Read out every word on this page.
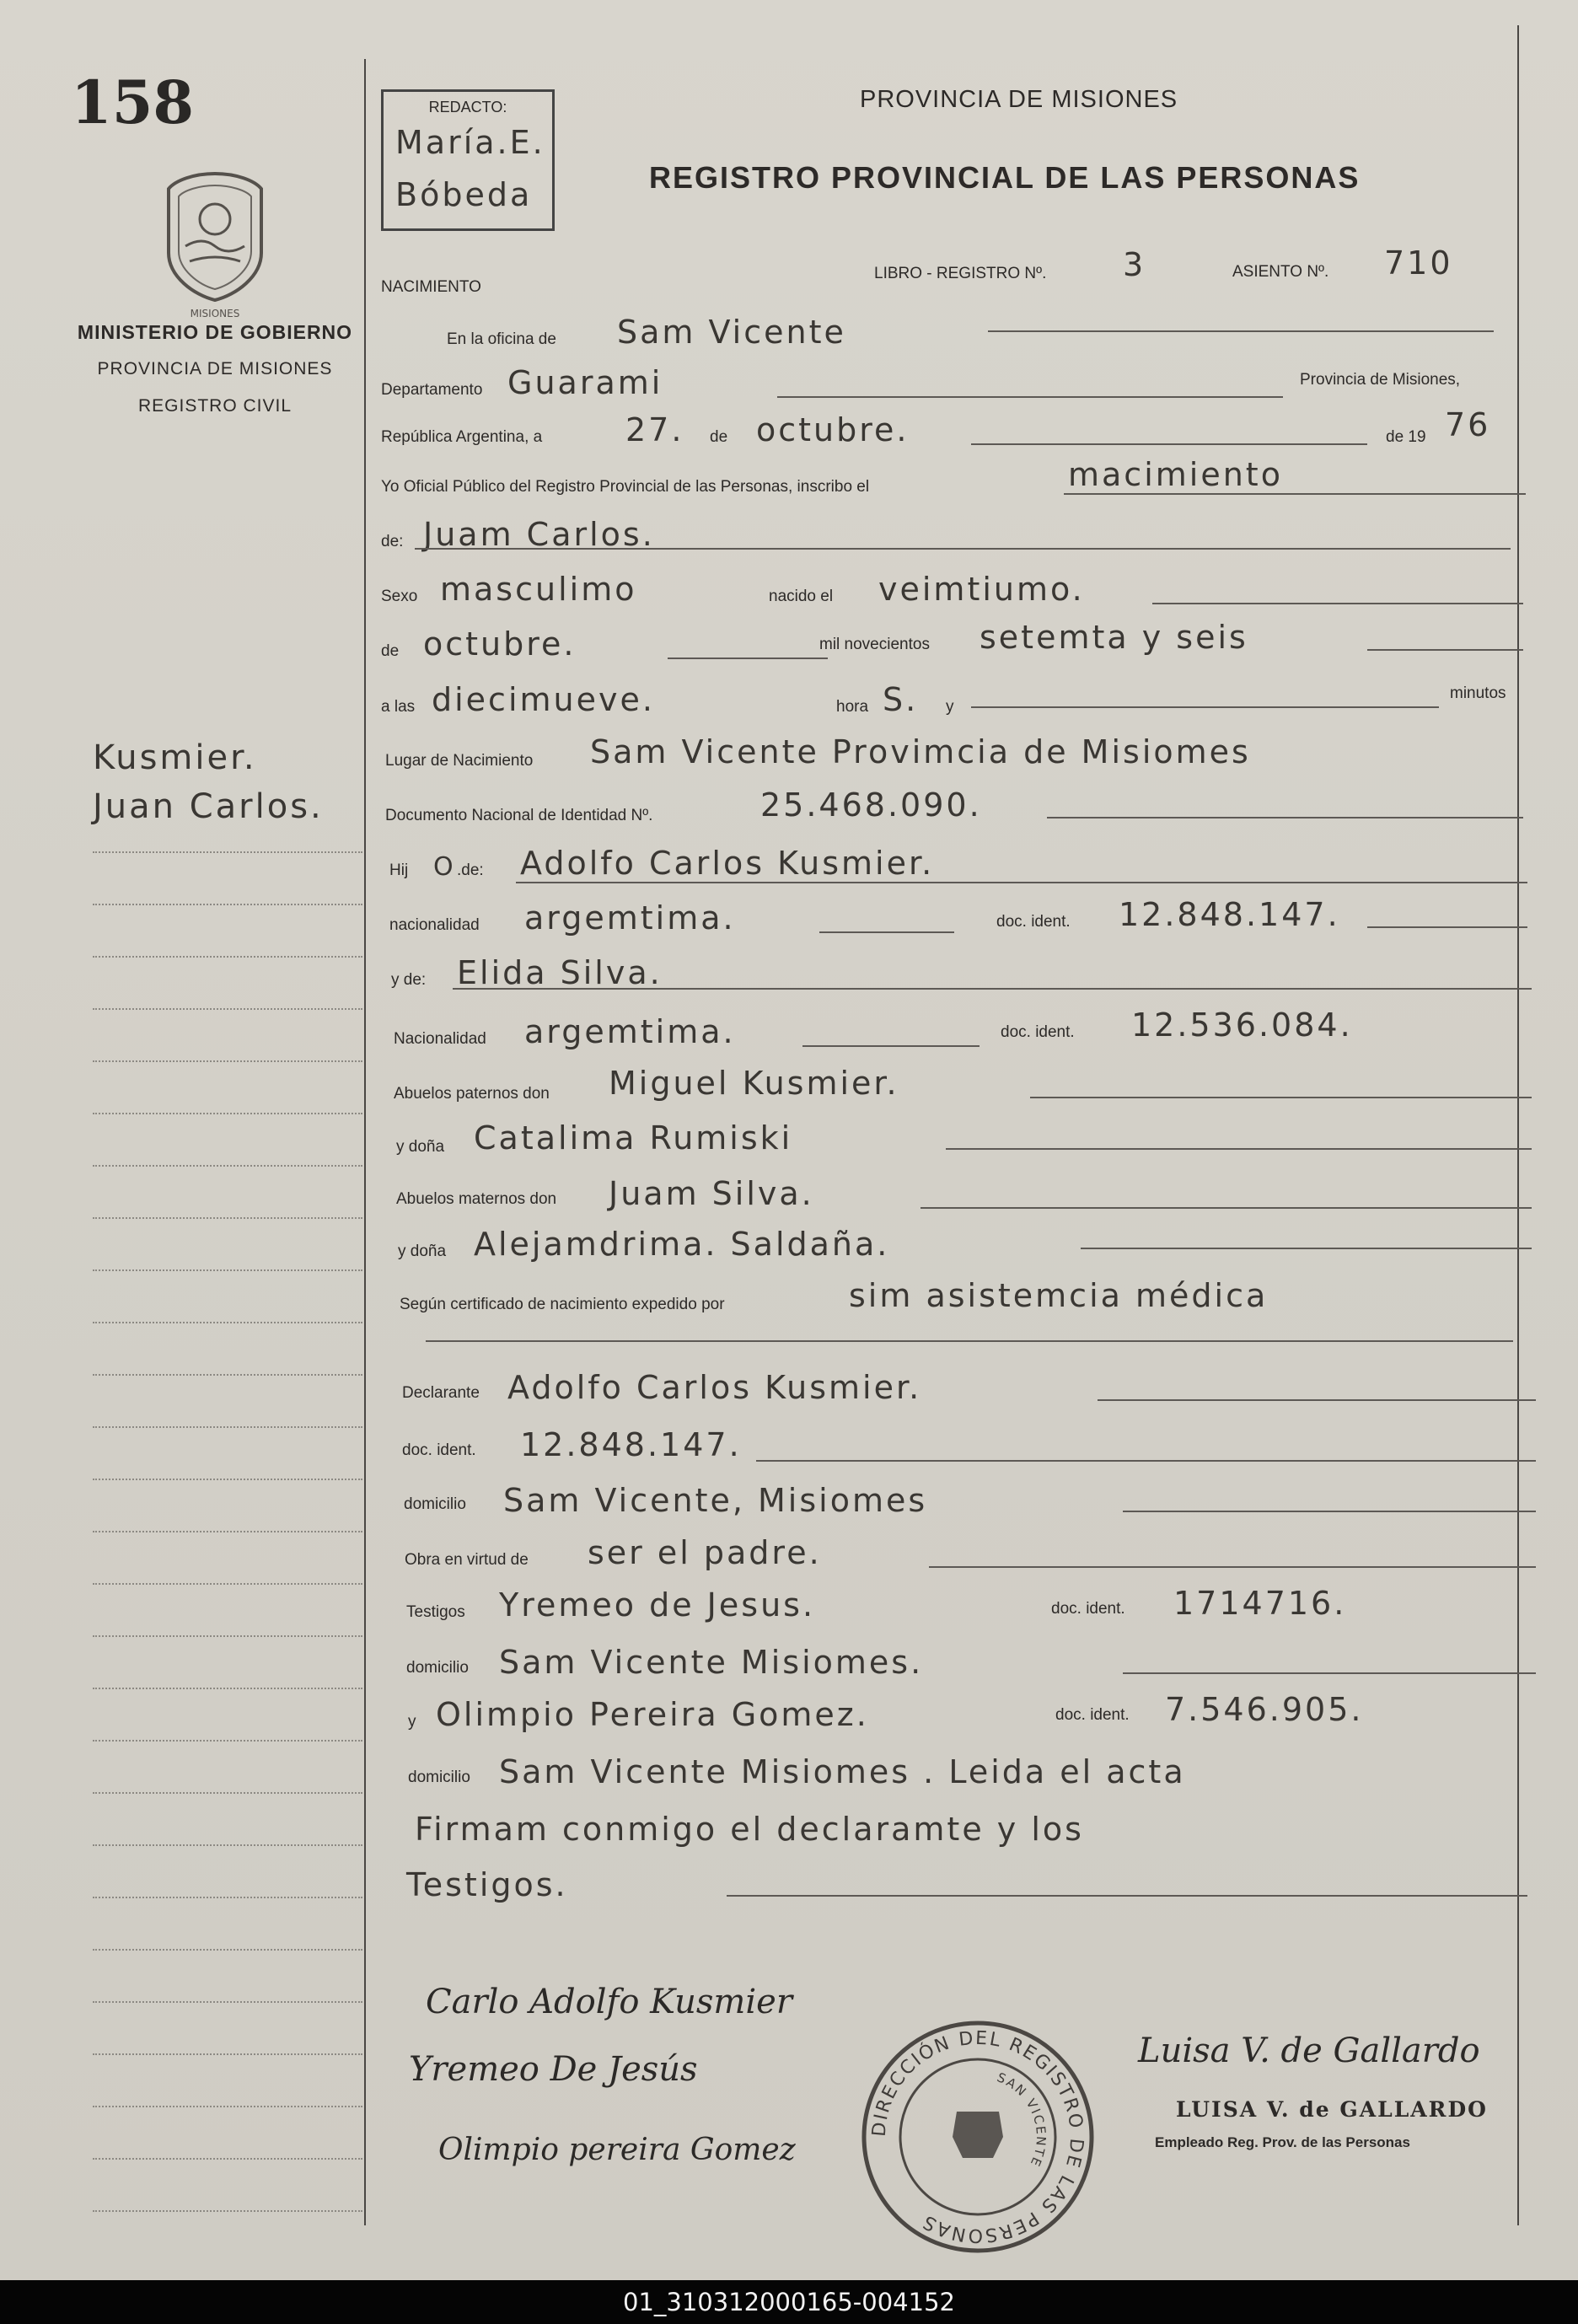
158
MISIONES
MINISTERIO DE GOBIERNO
PROVINCIA DE MISIONES
REGISTRO CIVIL
Kusmier.
Juan Carlos.
REDACTO:
María.E.
Bóbeda
PROVINCIA DE MISIONES
REGISTRO PROVINCIAL DE LAS PERSONAS
NACIMIENTO
LIBRO - REGISTRO Nº. 3	ASIENTO Nº. 710
En la oficina de Sam Vicente
Departamento Guarami	Provincia de Misiones,
República Argentina, a	27. de octubre.	de 19 76
Yo Oficial Público del Registro Provincial de las Personas, inscribo el	macimiento
de: Juam Carlos.
Sexo masculimo	nacido el veimtiumo.
de octubre.	mil novecientos setemta y seis
a las diecimueve.	hora S. y
minutos
Lugar de Nacimiento Sam Vicente Provimcia de Misiomes
Documento Nacional de Identidad Nº.	25.468.090.
Hij O .de: Adolfo Carlos Kusmier.
nacionalidad argemtima.	doc. ident. 12.848.147.
y de: Elida Silva.
Nacionalidad argemtima.	doc. ident. 12.536.084.
Abuelos paternos don Miguel Kusmier.
y doña Catalima Rumiski
Abuelos maternos don Juam Silva.
y doña Alejamdrima. Saldaña.
Según certificado de nacimiento expedido por	sim asistemcia médica
Declarante Adolfo Carlos Kusmier.
doc. ident. 12.848.147.
domicilio Sam Vicente, Misiomes
Obra en virtud de ser el padre.
Testigos Yremeo de Jesus.	doc. ident. 1714716.
domicilio Sam Vicente Misiomes.
y Olimpio Pereira Gomez.	doc. ident. 7.546.905.
domicilio Sam Vicente Misiomes . Leida el acta
Firmam conmigo el declaramte y los
Testigos.
Carlo Adolfo Kusmier
Yremeo De Jesús
Olimpio pereira Gomez
Luisa V. de Gallardo
LUISA V. de GALLARDO
Empleado Reg. Prov. de las Personas
DIRECCIÓN DEL REGISTRO DE LAS PERSONAS
SAN VICENTE
01_310312000165-004152
